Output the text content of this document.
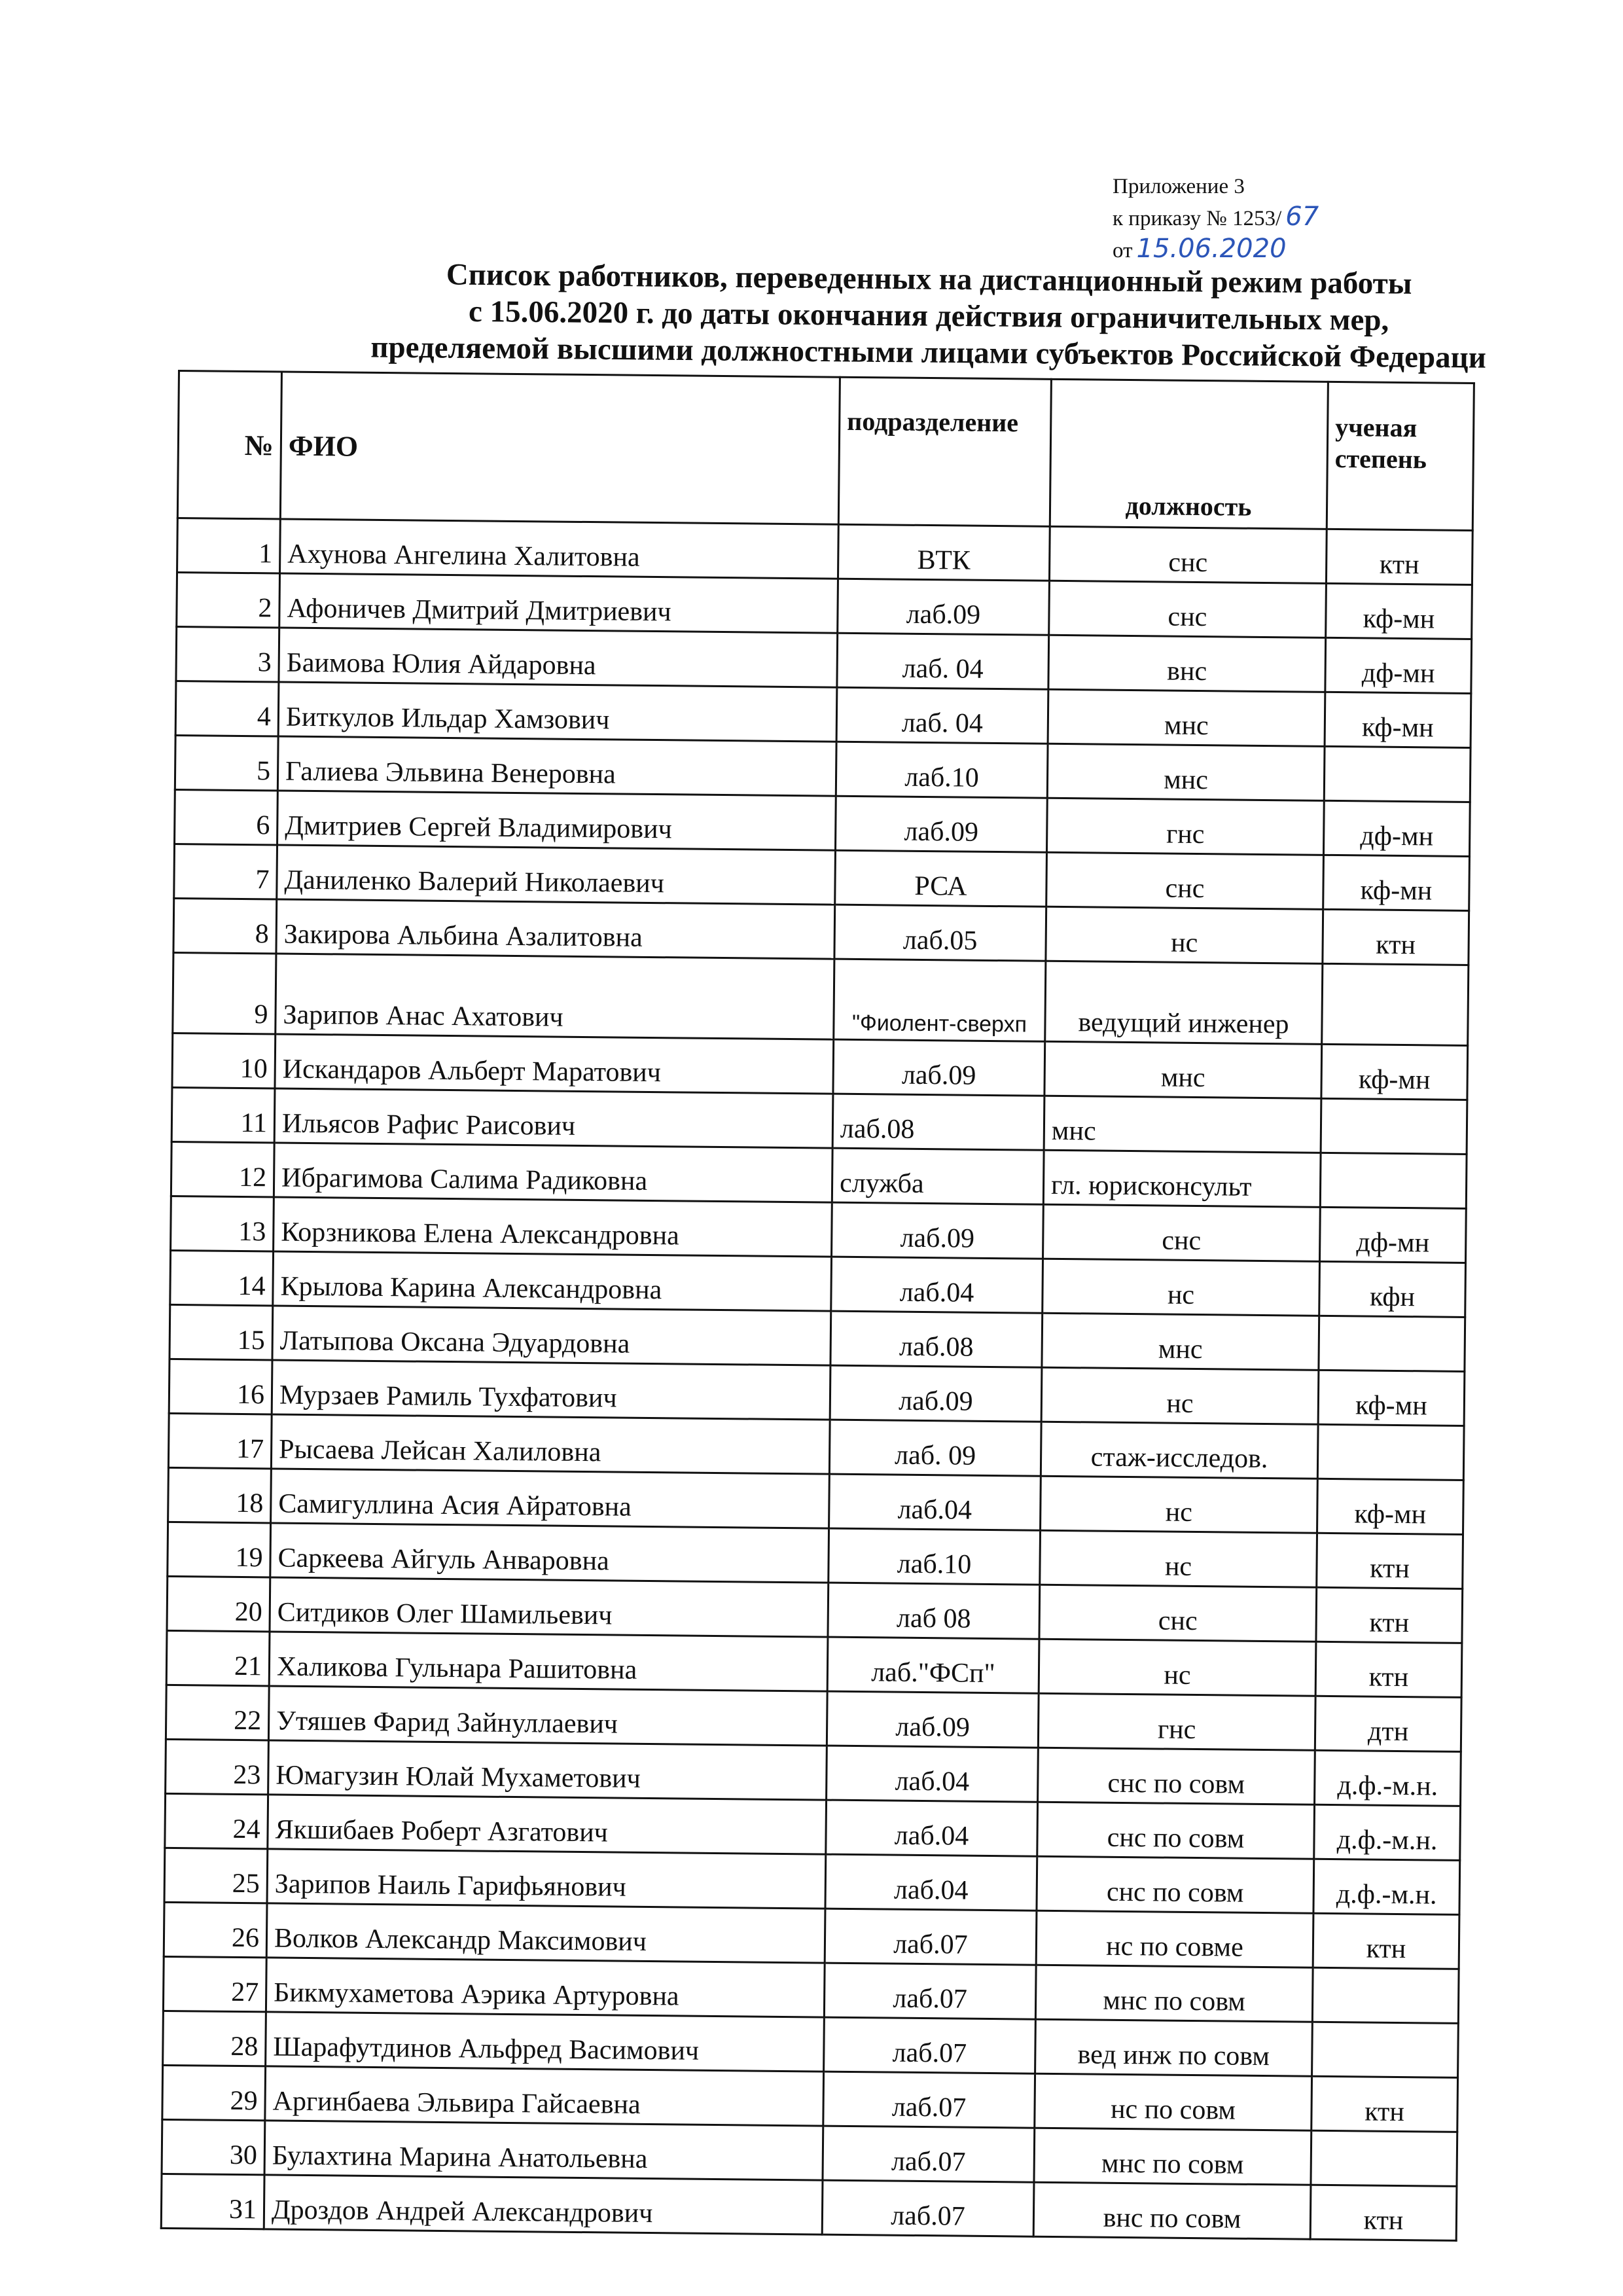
Приложение 3
к приказу № 1253/ 67
от 15.06.2020
Список работников, переведенных на дистанционный режим работы
с 15.06.2020 г. до даты окончания действия ограничительных мер,
пределяемой высшими должностными лицами субъектов Российской Федераци
№	ФИО	подразделение	должность	ученая степень
1	Ахунова Ангелина Халитовна	ВТК	снс	ктн
2	Афоничев Дмитрий Дмитриевич	лаб.09	снс	кф-мн
3	Баимова Юлия Айдаровна	лаб. 04	внс	дф-мн
4	Биткулов Ильдар Хамзович	лаб. 04	мнс	кф-мн
5	Галиева Эльвина Венеровна	лаб.10	мнс	
6	Дмитриев Сергей Владимирович	лаб.09	гнс	дф-мн
7	Даниленко Валерий Николаевич	РСА	снс	кф-мн
8	Закирова Альбина Азалитовна	лаб.05	нс	ктн
9	Зарипов Анас Ахатович	"Фиолент-сверхп	ведущий инженер	
10	Искандаров Альберт Маратович	лаб.09	мнс	кф-мн
11	Ильясов Рафис Раисович	лаб.08	мнс	
12	Ибрагимова Салима Радиковна	служба	гл. юрисконсульт	
13	Корзникова Елена Александровна	лаб.09	снс	дф-мн
14	Крылова Карина Александровна	лаб.04	нс	кфн
15	Латыпова Оксана Эдуардовна	лаб.08	мнс	
16	Мурзаев Рамиль Тухфатович	лаб.09	нс	кф-мн
17	Рысаева Лейсан Халиловна	лаб. 09	стаж-исследов.	
18	Самигуллина Асия Айратовна	лаб.04	нс	кф-мн
19	Саркеева Айгуль Анваровна	лаб.10	нс	ктн
20	Ситдиков Олег Шамильевич	лаб 08	снс	ктн
21	Халикова Гульнара Рашитовна	лаб."ФСп"	нс	ктн
22	Утяшев Фарид Зайнуллаевич	лаб.09	гнс	дтн
23	Юмагузин Юлай Мухаметович	лаб.04	снс по совм	д.ф.-м.н.
24	Якшибаев Роберт Азгатович	лаб.04	снс по совм	д.ф.-м.н.
25	Зарипов Наиль Гарифьянович	лаб.04	снс по совм	д.ф.-м.н.
26	Волков Александр Максимович	лаб.07	нс по совме	ктн
27	Бикмухаметова Аэрика Артуровна	лаб.07	мнс по совм	
28	Шарафутдинов Альфред Васимович	лаб.07	вед инж по совм	
29	Аргинбаева Эльвира Гайсаевна	лаб.07	нс по совм	ктн
30	Булахтина Марина Анатольевна	лаб.07	мнс по совм	
31	Дроздов Андрей Александрович	лаб.07	внс по совм	ктн
